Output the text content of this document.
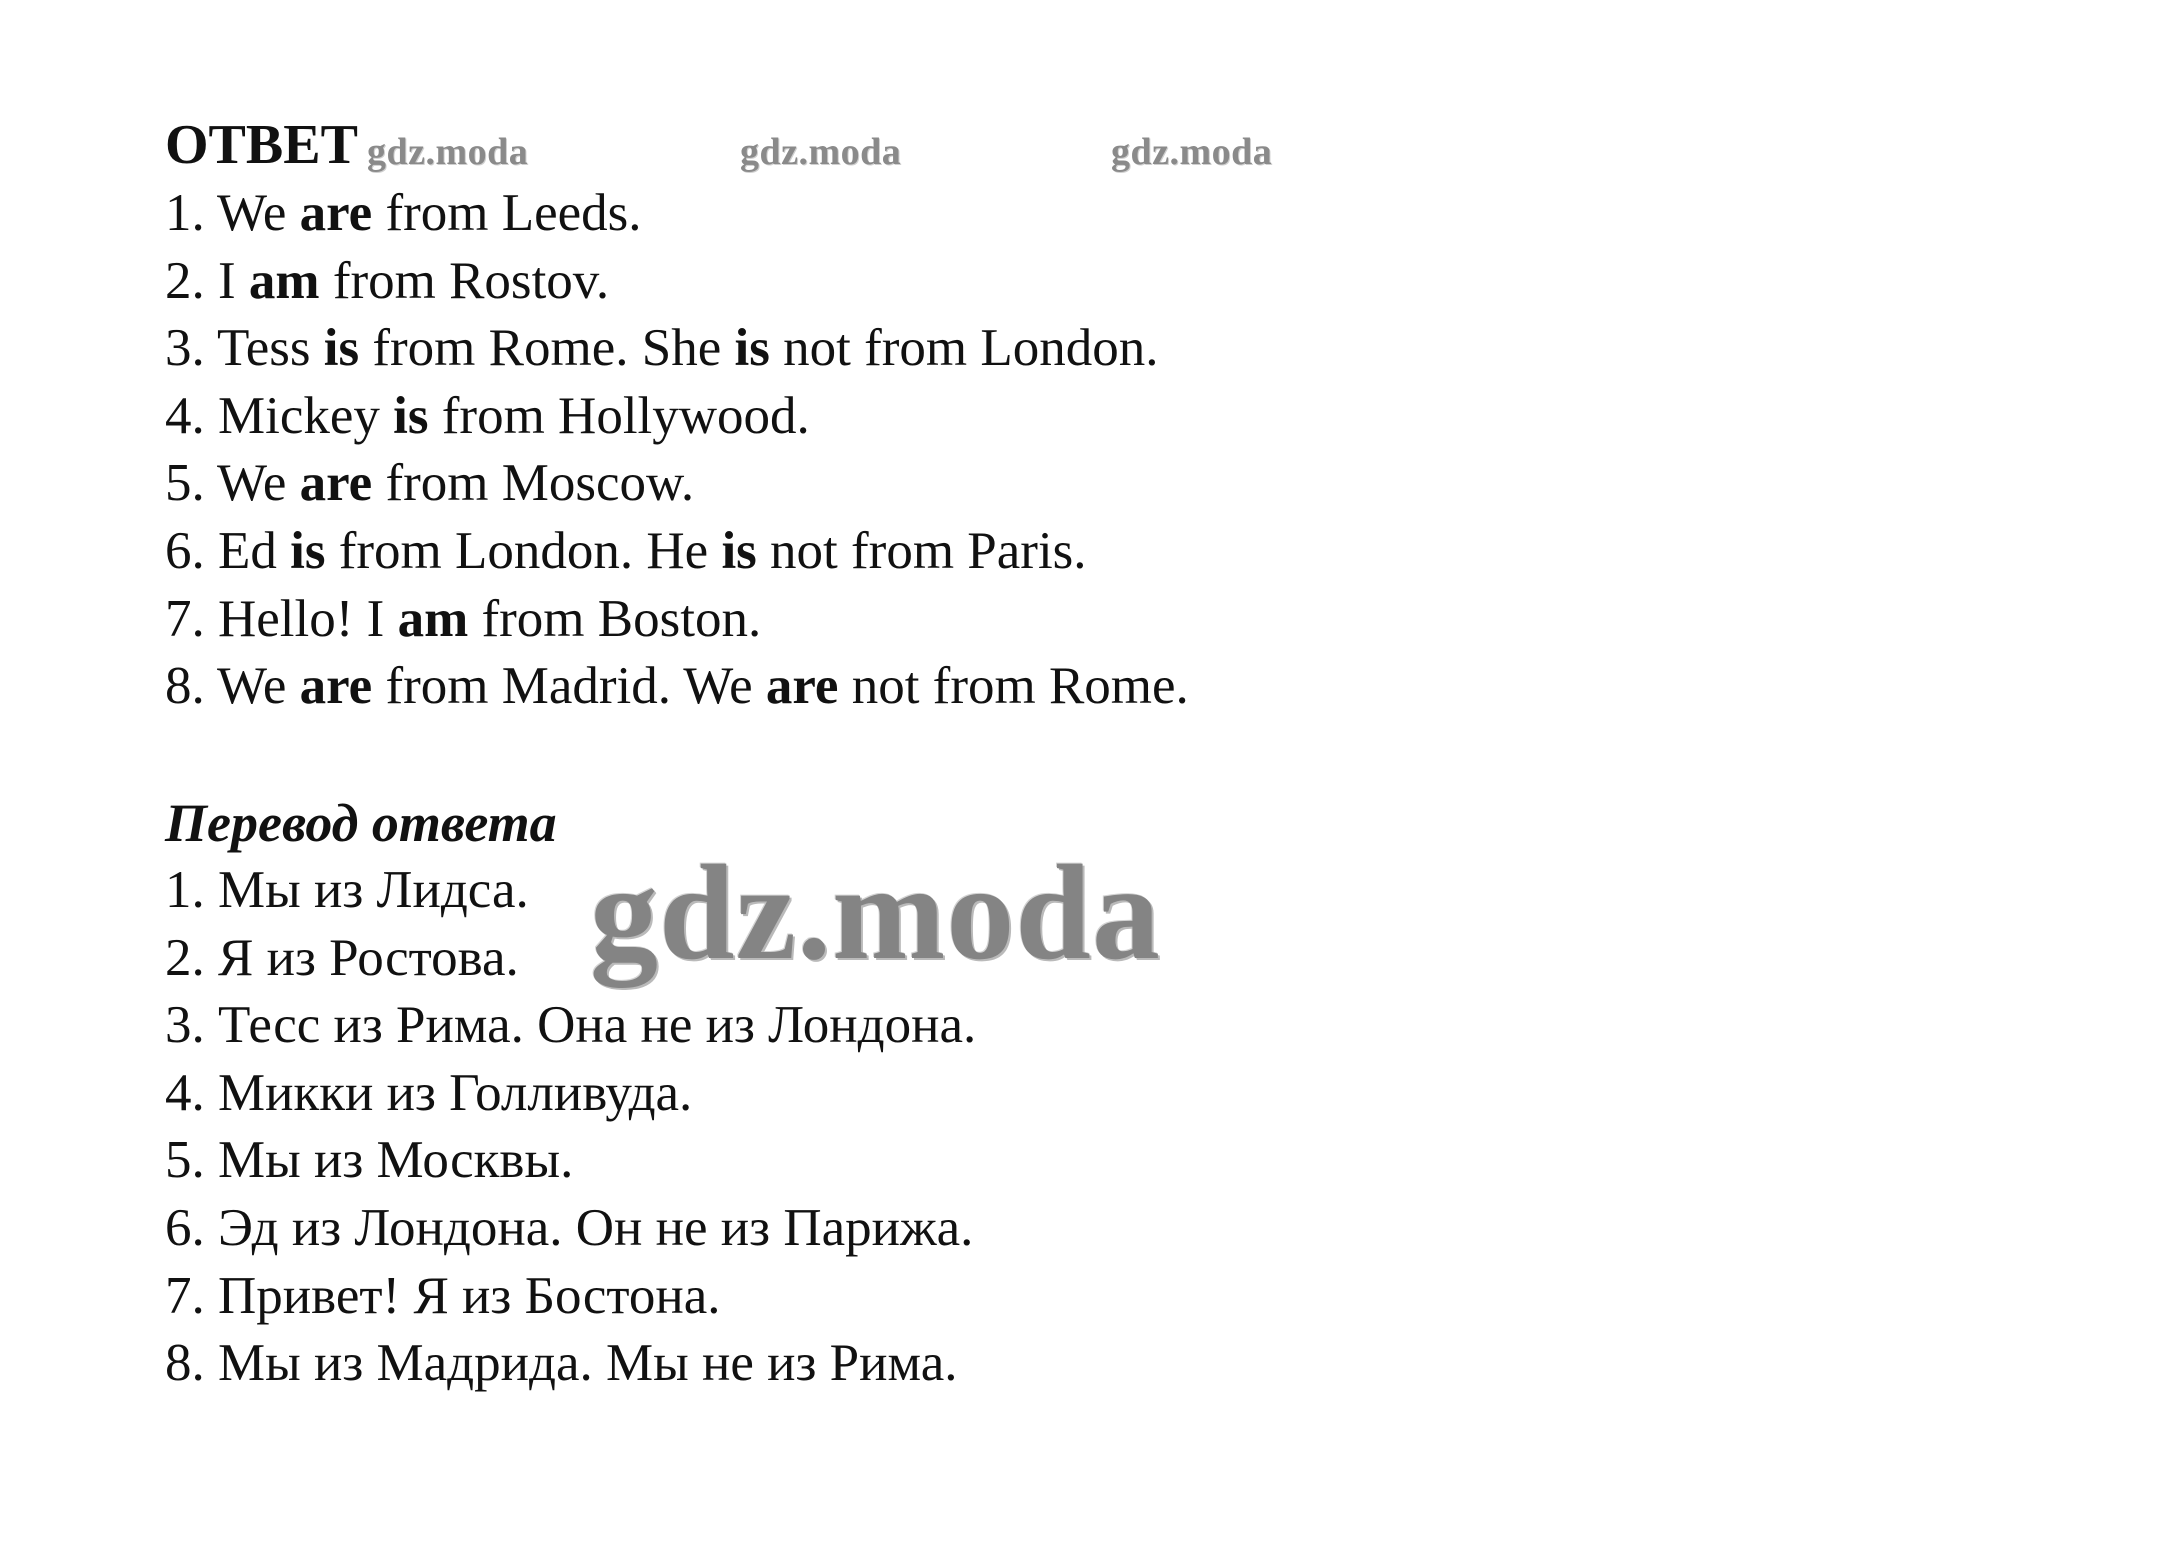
ОТВЕТ gdz.moda	gdz.moda	gdz.moda
1. We are from Leeds.
2. I am from Rostov.
3. Tess is from Rome. She is not from London.
4. Mickey is from Hollywood.
5. We are from Moscow.
6. Ed is from London. He is not from Paris.
7. Hello! I am from Boston.
8. We are from Madrid. We are not from Rome.
Перевод ответа
1. Мы из Лидса.
2. Я из Ростова.
3. Тесс из Рима. Она не из Лондона.
4. Микки из Голливуда.
5. Мы из Москвы.
6. Эд из Лондона. Он не из Парижа.
7. Привет! Я из Бостона.
8. Мы из Мадрида. Мы не из Рима.
gdz.moda
